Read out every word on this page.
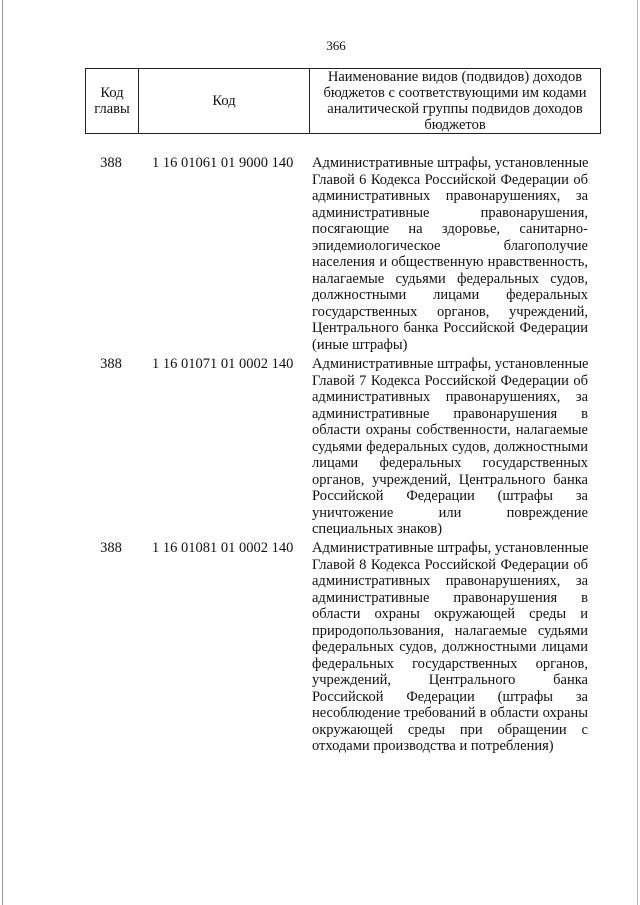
366
Код главы	Код	Наименование видов (подвидов) доходов бюджетов с соответствующими им кодами аналитической группы подвидов доходов бюджетов
388	1 16 01061 01 9000 140	Административные штрафы, установленные
Главой 6 Кодекса Российской Федерации об
административных правонарушениях, за
административные правонарушения,
посягающие на здоровье, санитарно-
эпидемиологическое благополучие
населения и общественную нравственность,
налагаемые судьями федеральных судов,
должностными лицами федеральных
государственных органов, учреждений,
Центрального банка Российской Федерации
(иные штрафы)
388	1 16 01071 01 0002 140	Административные штрафы, установленные
Главой 7 Кодекса Российской Федерации об
административных правонарушениях, за
административные правонарушения в
области охраны собственности, налагаемые
судьями федеральных судов, должностными
лицами федеральных государственных
органов, учреждений, Центрального банка
Российской Федерации (штрафы за
уничтожение или повреждение
специальных знаков)
388	1 16 01081 01 0002 140	Административные штрафы, установленные
Главой 8 Кодекса Российской Федерации об
административных правонарушениях, за
административные правонарушения в
области охраны окружающей среды и
природопользования, налагаемые судьями
федеральных судов, должностными лицами
федеральных государственных органов,
учреждений, Центрального банка
Российской Федерации (штрафы за
несоблюдение требований в области охраны
окружающей среды при обращении с
отходами производства и потребления)
